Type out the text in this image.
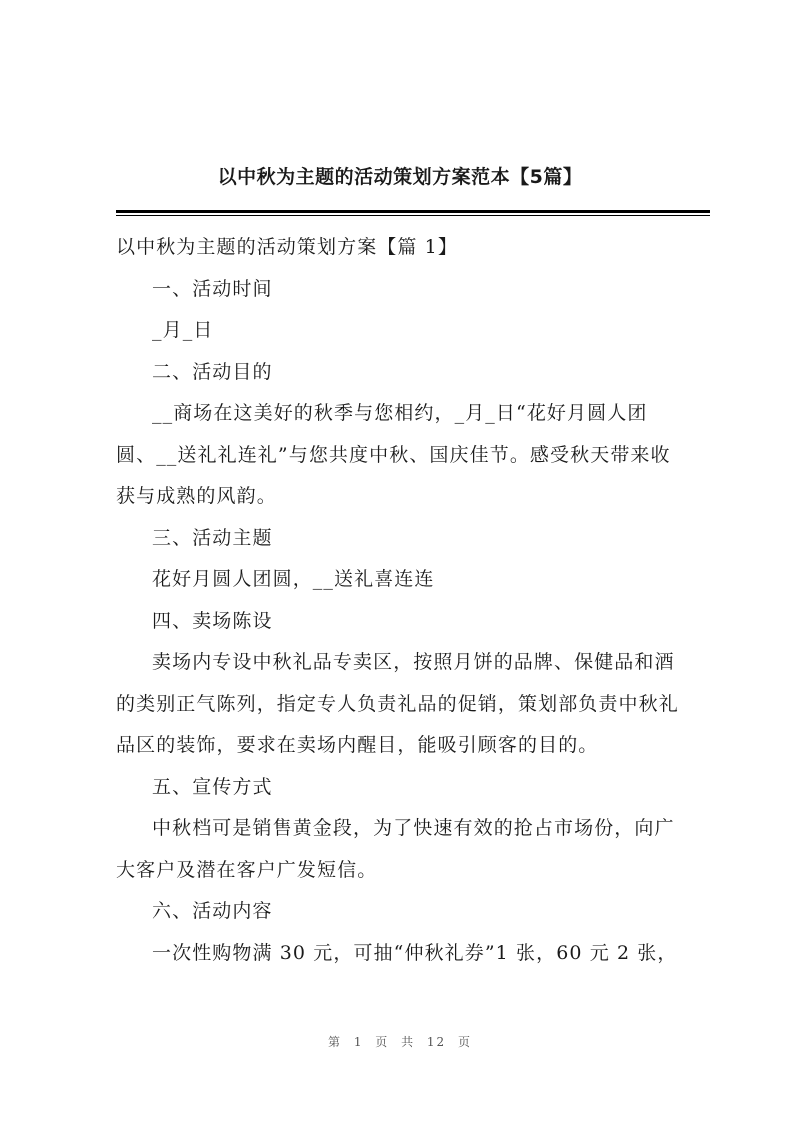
以中秋为主题的活动策划方案范本【5篇】
以中秋为主题的活动策划方案【篇 1】
一、活动时间
_月_日
二、活动目的
__商场在这美好的秋季与您相约，_月_日“花好月圆人团
圆、__送礼礼连礼”与您共度中秋、国庆佳节。感受秋天带来收
获与成熟的风韵。
三、活动主题
花好月圆人团圆，__送礼喜连连
四、卖场陈设
卖场内专设中秋礼品专卖区，按照月饼的品牌、保健品和酒
的类别正气陈列，指定专人负责礼品的促销，策划部负责中秋礼
品区的装饰，要求在卖场内醒目，能吸引顾客的目的。
五、宣传方式
中秋档可是销售黄金段，为了快速有效的抢占市场份，向广
大客户及潜在客户广发短信。
六、活动内容
一次性购物满 30 元，可抽“仲秋礼券”1 张，60 元 2 张，
第 1 页 共 12 页
